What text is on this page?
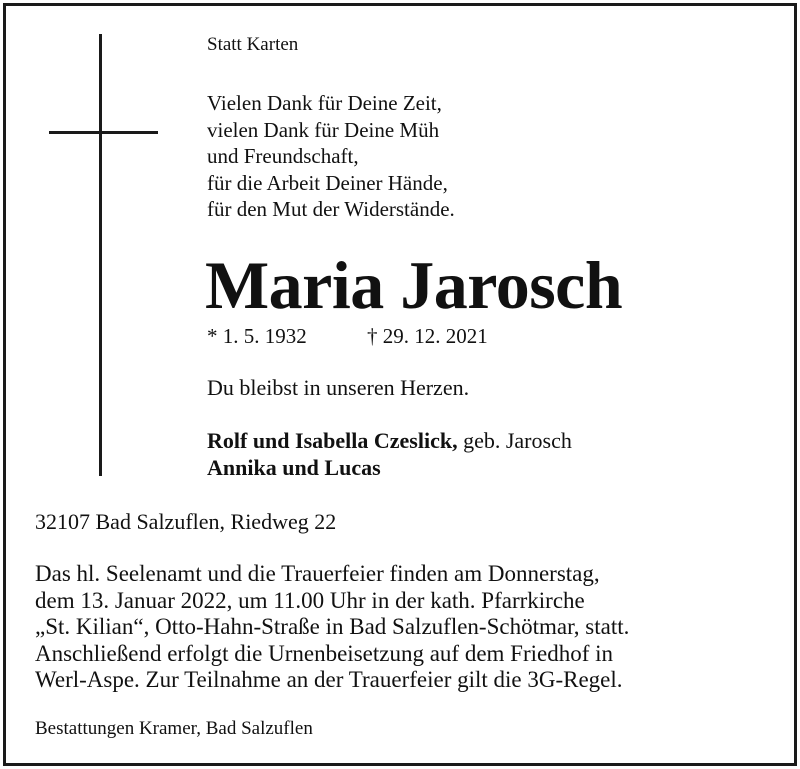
Statt Karten
Vielen Dank für Deine Zeit,
vielen Dank für Deine Müh
und Freundschaft,
für die Arbeit Deiner Hände,
für den Mut der Widerstände.
Maria Jarosch
* 1. 5. 1932	† 29. 12. 2021
Du bleibst in unseren Herzen.
Rolf und Isabella Czeslick, geb. Jarosch
Annika und Lucas
32107 Bad Salzuflen, Riedweg 22
Das hl. Seelenamt und die Trauerfeier finden am Donnerstag,
dem 13. Januar 2022, um 11.00 Uhr in der kath. Pfarrkirche
„St. Kilian“, Otto-Hahn-Straße in Bad Salzuflen-Schötmar, statt.
Anschließend erfolgt die Urnenbeisetzung auf dem Friedhof in
Werl-Aspe. Zur Teilnahme an der Trauerfeier gilt die 3G-Regel.
Bestattungen Kramer, Bad Salzuflen
